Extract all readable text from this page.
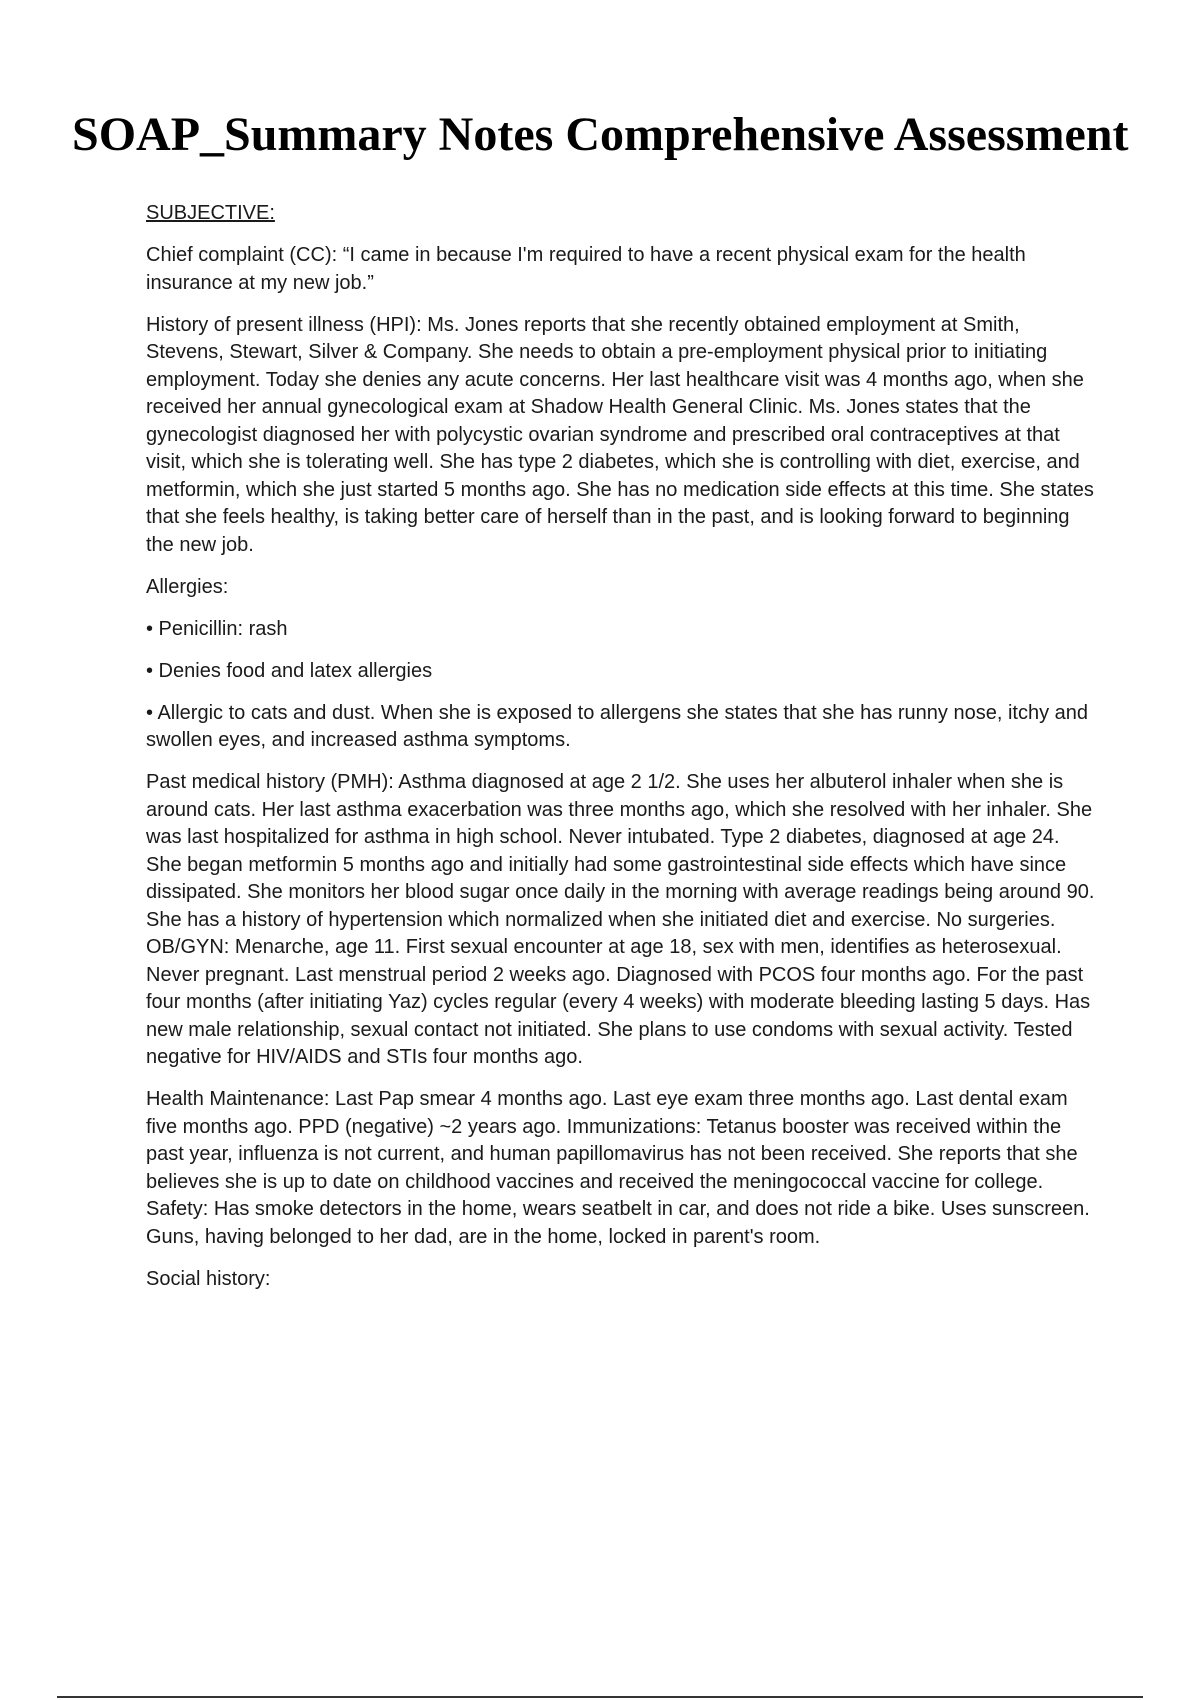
SOAP_Summary Notes Comprehensive Assessment

SUBJECTIVE:

Chief complaint (CC): “I came in because I'm required to have a recent physical exam for the health insurance at my new job.”

History of present illness (HPI): Ms. Jones reports that she recently obtained employment at Smith, Stevens, Stewart, Silver & Company. She needs to obtain a pre-employment physical prior to initiating employment. Today she denies any acute concerns. Her last healthcare visit was 4 months ago, when she received her annual gynecological exam at Shadow Health General Clinic. Ms. Jones states that the gynecologist diagnosed her with polycystic ovarian syndrome and prescribed oral contraceptives at that visit, which she is tolerating well. She has type 2 diabetes, which she is controlling with diet, exercise, and metformin, which she just started 5 months ago. She has no medication side effects at this time. She states that she feels healthy, is taking better care of herself than in the past, and is looking forward to beginning the new job.

Allergies:

• Penicillin: rash

• Denies food and latex allergies

• Allergic to cats and dust. When she is exposed to allergens she states that she has runny nose, itchy and swollen eyes, and increased asthma symptoms.

Past medical history (PMH): Asthma diagnosed at age 2 1/2. She uses her albuterol inhaler when she is around cats. Her last asthma exacerbation was three months ago, which she resolved with her inhaler. She was last hospitalized for asthma in high school. Never intubated. Type 2 diabetes, diagnosed at age 24. She began metformin 5 months ago and initially had some gastrointestinal side effects which have since dissipated. She monitors her blood sugar once daily in the morning with average readings being around 90. She has a history of hypertension which normalized when she initiated diet and exercise. No surgeries. OB/GYN: Menarche, age 11. First sexual encounter at age 18, sex with men, identifies as heterosexual. Never pregnant. Last menstrual period 2 weeks ago. Diagnosed with PCOS four months ago. For the past four months (after initiating Yaz) cycles regular (every 4 weeks) with moderate bleeding lasting 5 days. Has new male relationship, sexual contact not initiated. She plans to use condoms with sexual activity. Tested negative for HIV/AIDS and STIs four months ago.

Health Maintenance: Last Pap smear 4 months ago. Last eye exam three months ago. Last dental exam five months ago. PPD (negative) ~2 years ago. Immunizations: Tetanus booster was received within the past year, influenza is not current, and human papillomavirus has not been received. She reports that she believes she is up to date on childhood vaccines and received the meningococcal vaccine for college. Safety: Has smoke detectors in the home, wears seatbelt in car, and does not ride a bike. Uses sunscreen. Guns, having belonged to her dad, are in the home, locked in parent's room.

Social history:
